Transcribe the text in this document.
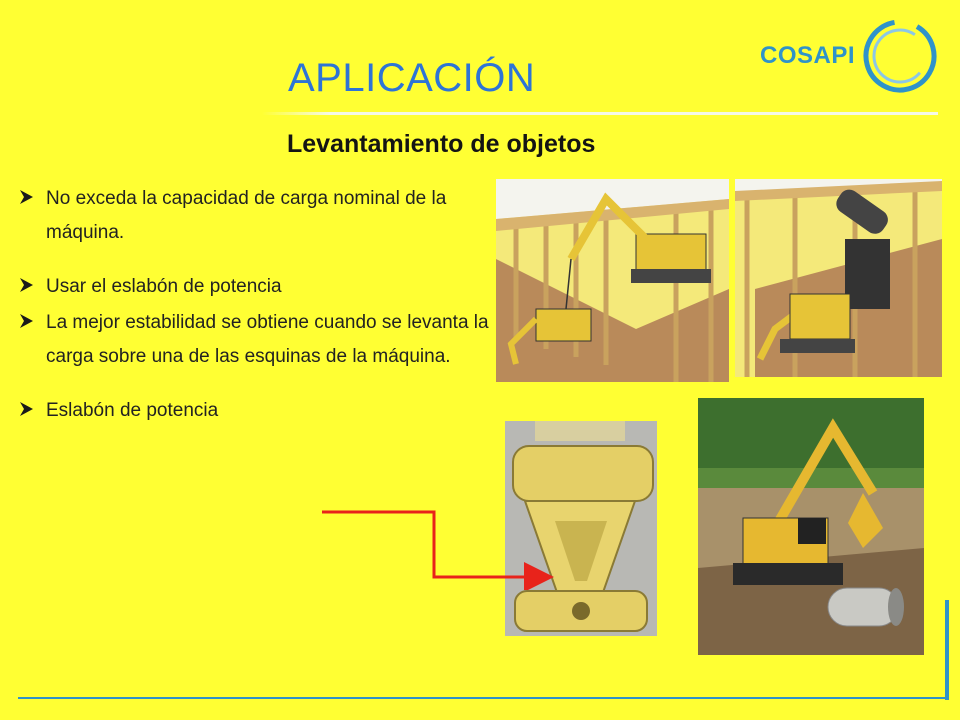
APLICACIÓN
COSAPI
Levantamiento de objetos
No exceda la capacidad de carga nominal de la máquina.
Usar el eslabón de potencia
La mejor estabilidad se obtiene cuando se levanta la carga sobre una de las esquinas de la máquina.
Eslabón de potencia
